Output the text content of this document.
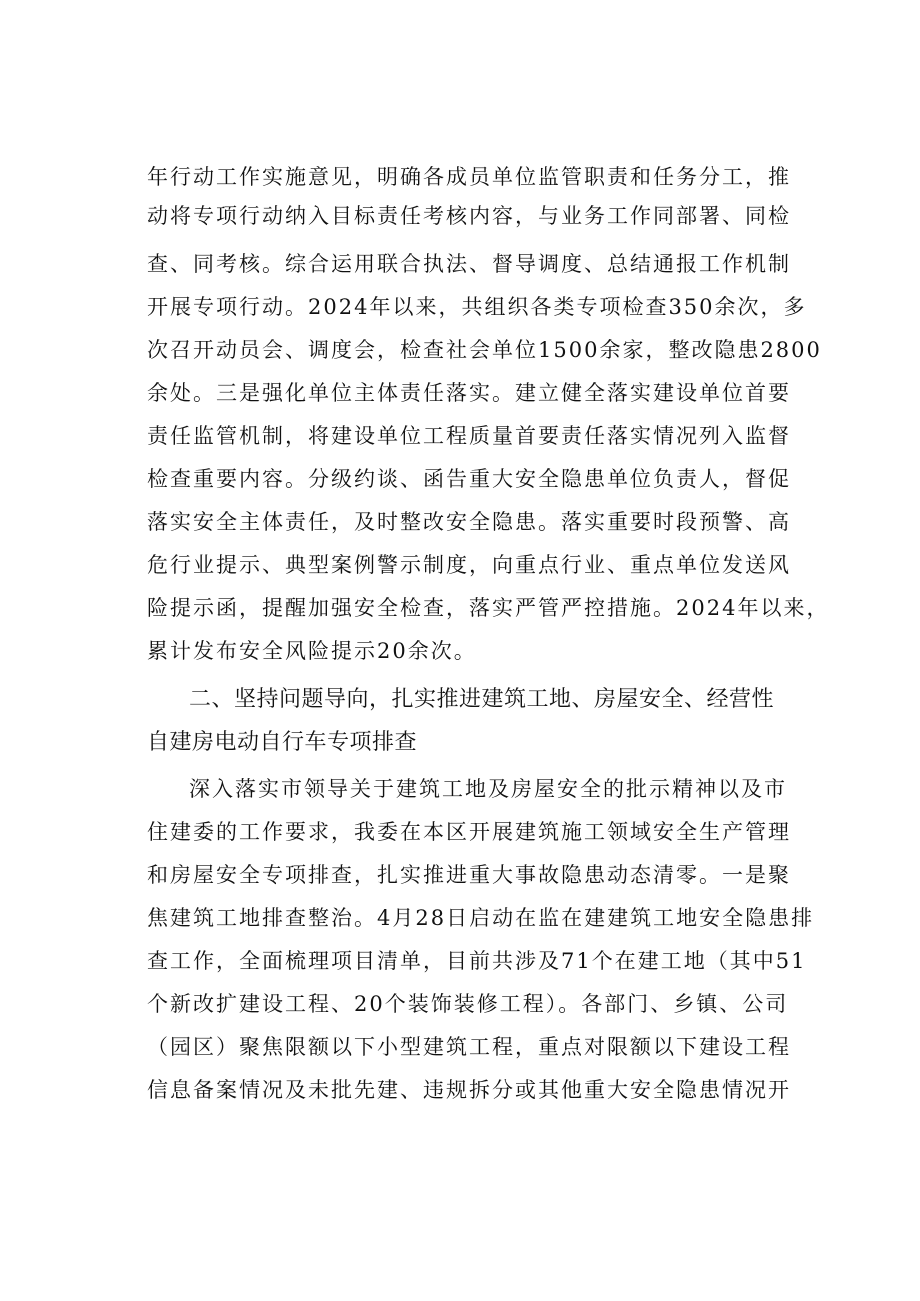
年行动工作实施意见，明确各成员单位监管职责和任务分工，推
动将专项行动纳入目标责任考核内容，与业务工作同部署、同检
查、同考核。综合运用联合执法、督导调度、总结通报工作机制
开展专项行动。2024年以来，共组织各类专项检查350余次，多
次召开动员会、调度会，检查社会单位1500余家，整改隐患2800
余处。三是强化单位主体责任落实。建立健全落实建设单位首要
责任监管机制，将建设单位工程质量首要责任落实情况列入监督
检查重要内容。分级约谈、函告重大安全隐患单位负责人，督促
落实安全主体责任，及时整改安全隐患。落实重要时段预警、高
危行业提示、典型案例警示制度，向重点行业、重点单位发送风
险提示函，提醒加强安全检查，落实严管严控措施。2024年以来，
累计发布安全风险提示20余次。
二、坚持问题导向，扎实推进建筑工地、房屋安全、经营性
自建房电动自行车专项排查
深入落实市领导关于建筑工地及房屋安全的批示精神以及市
住建委的工作要求，我委在本区开展建筑施工领域安全生产管理
和房屋安全专项排查，扎实推进重大事故隐患动态清零。一是聚
焦建筑工地排查整治。4月28日启动在监在建建筑工地安全隐患排
查工作，全面梳理项目清单，目前共涉及71个在建工地（其中51
个新改扩建设工程、20个装饰装修工程）。各部门、乡镇、公司
（园区）聚焦限额以下小型建筑工程，重点对限额以下建设工程
信息备案情况及未批先建、违规拆分或其他重大安全隐患情况开
